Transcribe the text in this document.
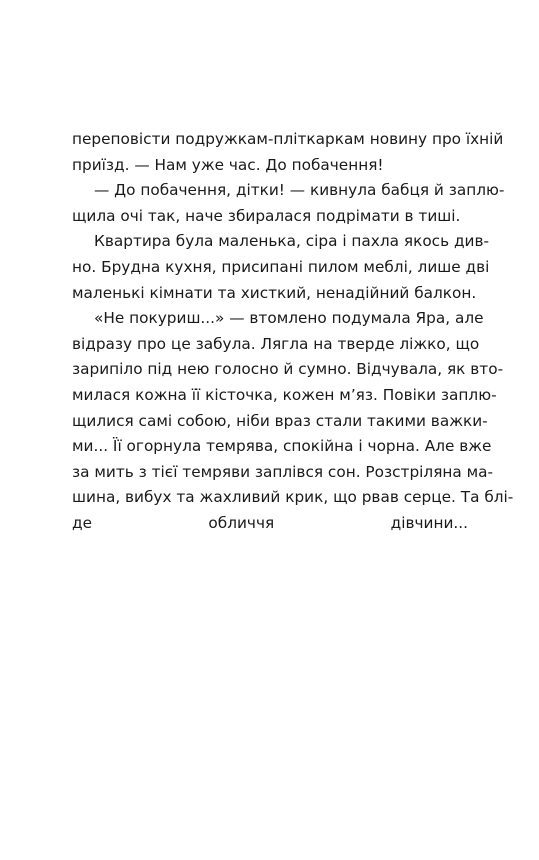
переповісти подружкам-пліткаркам новину про їхній
приїзд. — Нам уже час. До побачення!
— До побачення, дітки! — кивнула бабця й заплю-
щила очі так, наче збиралася подрімати в тиші.
Квартира була маленька, сіра і пахла якось див-
но. Брудна кухня, присипані пилом меблі, лише дві
маленькі кімнати та хисткий, ненадійний балкон.
«Не покуриш...» — втомлено подумала Яра, але
відразу про це забула. Лягла на тверде ліжко, що
зарипіло під нею голосно й сумно. Відчувала, як вто-
милася кожна її кісточка, кожен м’яз. Повіки заплю-
щилися самі собою, ніби враз стали такими важки-
ми... Її огорнула темрява, спокійна і чорна. Але вже
за мить з тієї темряви заплівся сон. Розстріляна ма-
шина, вибух та жахливий крик, що рвав серце. Та блі-
де обличчя дівчини...
